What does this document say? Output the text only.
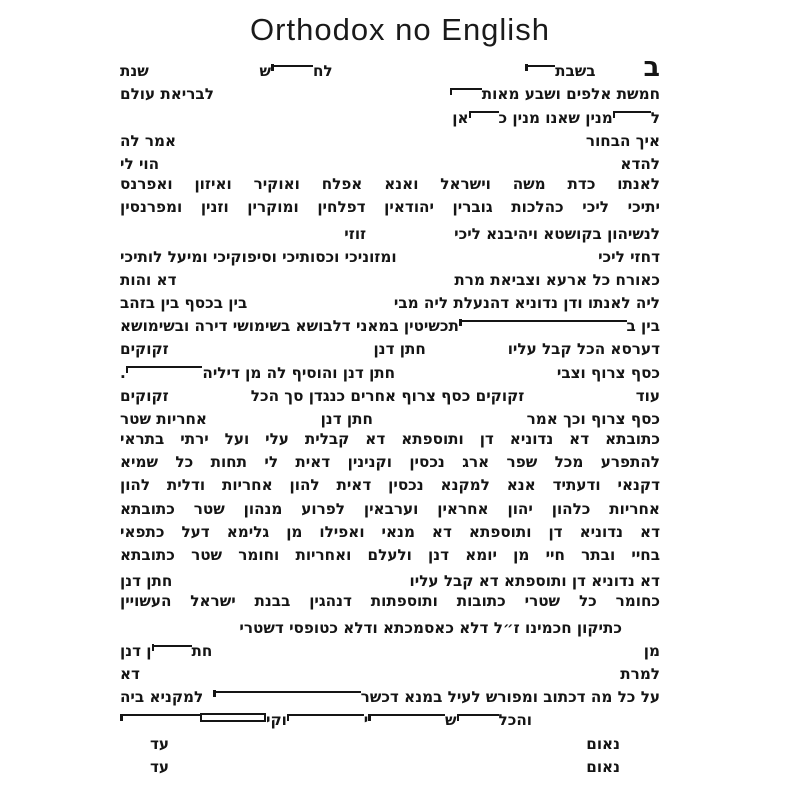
Orthodox no English
ב
בשבת
לח
ש
שנת
חמשת אלפים ושבע מאות
לבריאת עולם
ל
מנין שאנו מנין כ
אן
איך הבחור
אמר לה
להדא
הוי לי
לאנתו כדת משה וישראל ואנא אפלח ואוקיר ואיזון ואפרנס
יתיכי ליכי כהלכות גוברין יהודאין דפלחין ומוקרין וזנין ומפרנסין
לנשיהון בקושטא ויהיבנא ליכי
זוזי
דחזי ליכי
ומזוניכי וכסותיכי וסיפוקיכי ומיעל לותיכי
כאורח כל ארעא וצביאת מרת
דא והות
ליה לאנתו ודן נדוניא דהנעלת ליה מבי
בין בכסף בין בזהב
בין ב
תכשיטין במאני דלבושא בשימושי דירה ובשימושא
דערסא הכל קבל עליו
חתן דנן
זקוקים
כסף צרוף וצבי
חתן דנן והוסיף לה מן דיליה
.
עוד
זקוקים כסף צרוף אחרים כנגדן סך הכל
זקוקים
כסף צרוף וכך אמר
חתן דנן
אחריות שטר
כתובתא דא נדוניא דן ותוספתא דא קבלית עלי ועל ירתי בתראי
להתפרע מכל שפר ארג נכסין וקנינין דאית לי תחות כל שמיא
דקנאי ודעתיד אנא למקנא נכסין דאית להון אחריות ודלית להון
אחריות כלהון יהון אחראין וערבאין לפרוע מנהון שטר כתובתא
דא נדוניא דן ותוספתא דא מנאי ואפילו מן גלימא דעל כתפאי
בחיי ובתר חיי מן יומא דנן ולעלם ואחריות וחומר שטר כתובתא
דא נדוניא דן ותוספתא דא קבל עליו
חתן דנן
כחומר כל שטרי כתובות ותוספתות דנהגין בבנת ישראל העשויין
כתיקון חכמינו ז״ל דלא כאסמכתא ודלא כטופסי דשטרי
מן
חת
ן דנן
למרת
דא
על כל מה דכתוב ומפורש לעיל במנא דכשר
למקניא ביה
והכל
ש
י
וקי
נאום
עד
נאום
עד
